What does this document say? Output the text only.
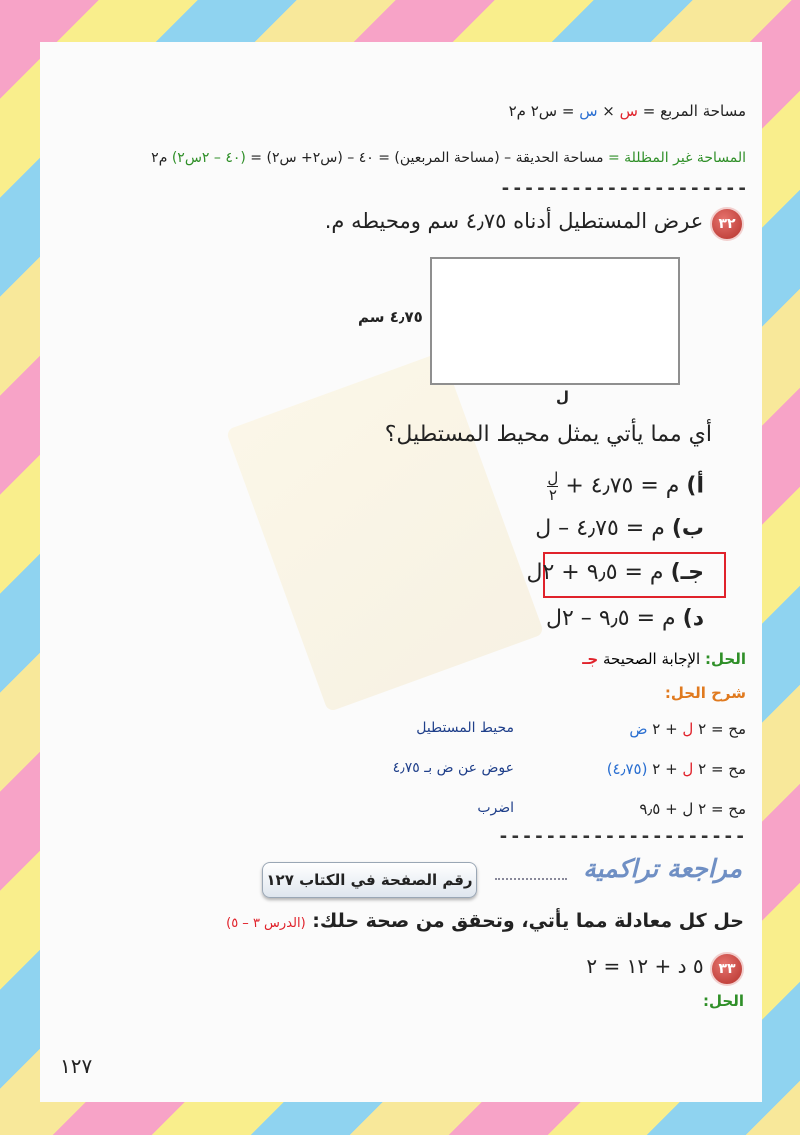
مساحة المربع = س × س = س٢ م٢
المساحة غير المظللة = مساحة الحديقة – (مساحة المربعين) = ٤٠ – (س٢+ س٢) = (٤٠ – ٢س٢) م٢
---------------------
٣٢ عرض المستطيل أدناه ٤٫٧٥ سم ومحيطه م.
٤٫٧٥ سم
ل
أي مما يأتي يمثل محيط المستطيل؟
أ) م = ٤٫٧٥ +
ل
٢
ب) م = ٤٫٧٥ – ل
جـ) م = ٩٫٥ + ٢ل
د) م = ٩٫٥ – ٢ل
الحل: الإجابة الصحيحة جـ
شرح الحل:
مح = ٢ ل + ٢ ض
محيط المستطيل
مح = ٢ ل + ٢ (٤٫٧٥)
عوض عن ض بـ ٤٫٧٥
مح = ٢ ل + ٩٫٥
اضرب
---------------------
مراجعة تراكمية
رقم الصفحة في الكتاب ١٢٧
حل كل معادلة مما يأتي، وتحقق من صحة حلك: (الدرس ٣ – ٥)
٣٣ ٥ د + ١٢ = ٢
الحل:
١٢٧
